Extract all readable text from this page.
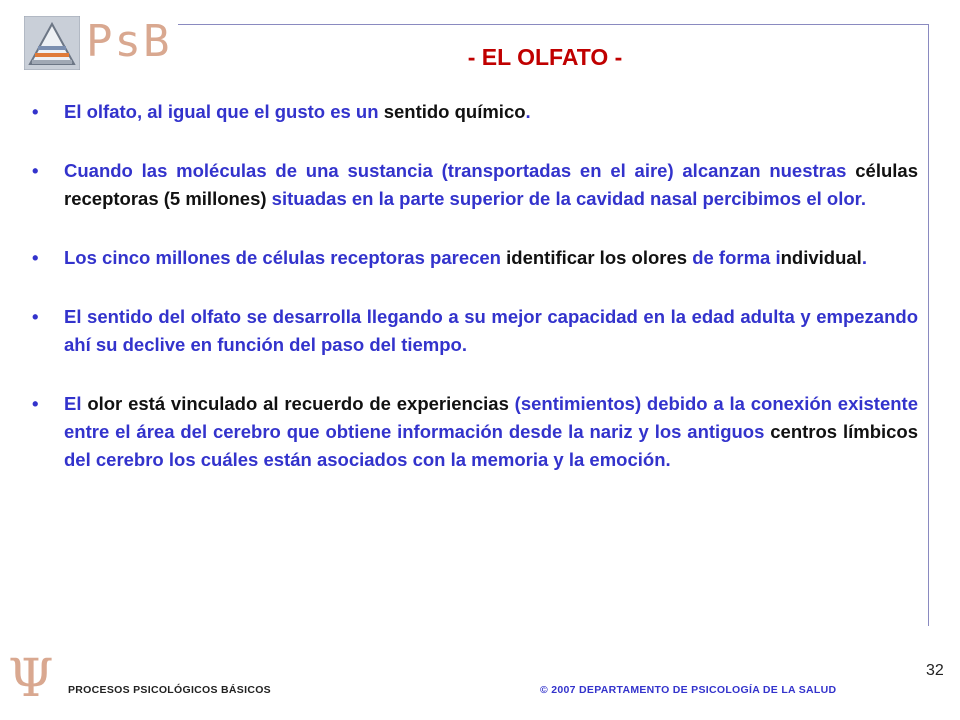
PsB	- EL OLFATO -
• El olfato, al igual que el gusto es un sentido químico.
• Cuando las moléculas de una sustancia (transportadas en el aire) alcanzan nuestras células receptoras (5 millones) situadas en la parte superior de la cavidad nasal percibimos el olor.
• Los cinco millones de células receptoras parecen identificar los olores de forma individual.
• El sentido del olfato se desarrolla llegando a su mejor capacidad en la edad adulta y empezando ahí su declive en función del paso del tiempo.
• El olor está vinculado al recuerdo de experiencias (sentimientos) debido a la conexión existente entre el área del cerebro que obtiene información desde la nariz y los antiguos centros límbicos del cerebro los cuáles están asociados con la memoria y la emoción.
Ψ PROCESOS PSICOLÓGICOS BÁSICOS	© 2007 DEPARTAMENTO DE PSICOLOGÍA DE LA SALUD
32
